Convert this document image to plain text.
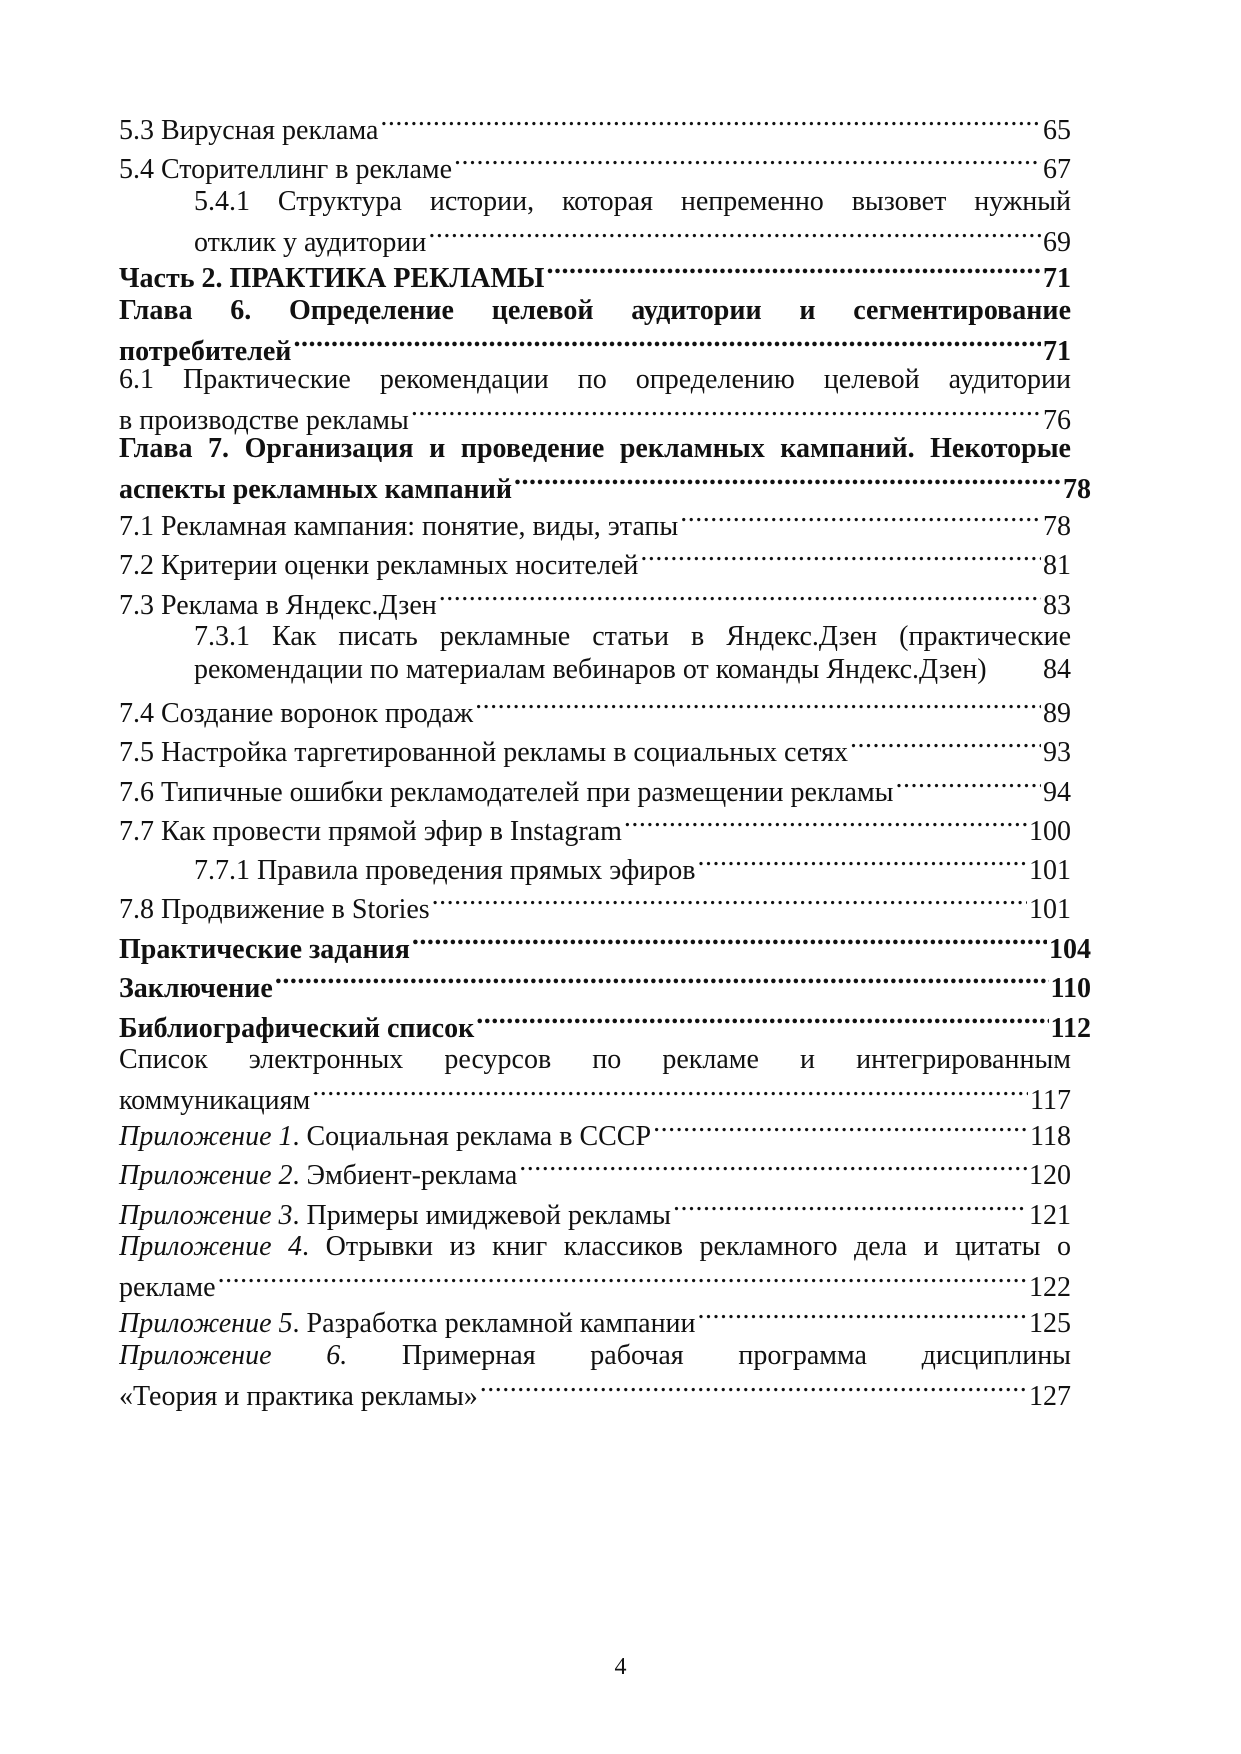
5.3 Вирусная реклама .....	65
5.4 Сторителлинг в рекламе .....	67
5.4.1 Структура истории, которая непременно вызовет нужный
отклик у аудитории .....	69
Часть 2. ПРАКТИКА РЕКЛАМЫ .....	71
Глава 6. Определение целевой аудитории и сегментирование
потребителей .....	71
6.1 Практические рекомендации по определению целевой аудитории
в производстве рекламы .....	76
Глава 7. Организация и проведение рекламных кампаний. Некоторые
аспекты рекламных кампаний .....	78
7.1 Рекламная кампания: понятие, виды, этапы .....	78
7.2 Критерии оценки рекламных носителей .....	81
7.3 Реклама в Яндекс.Дзен .....	83
7.3.1 Как писать рекламные статьи в Яндекс.Дзен (практические
рекомендации по материалам вебинаров от команды Яндекс.Дзен) 84
7.4 Создание воронок продаж .....	89
7.5 Настройка таргетированной рекламы в социальных сетях .....	93
7.6 Типичные ошибки рекламодателей при размещении рекламы .....	94
7.7 Как провести прямой эфир в Instagram .....	100
7.7.1 Правила проведения прямых эфиров .....	101
7.8 Продвижение в Stories .....	101
Практические задания .....	104
Заключение .....	110
Библиографический список .....	112
Список электронных ресурсов по рекламе и интегрированным
коммуникациям .....	117
Приложение 1. Социальная реклама в СССР .....	118
Приложение 2. Эмбиент-реклама .....	120
Приложение 3. Примеры имиджевой рекламы .....	121
Приложение 4. Отрывки из книг классиков рекламного дела и цитаты о
рекламе .....	122
Приложение 5. Разработка рекламной кампании .....	125
Приложение 6. Примерная рабочая программа дисциплины
«Теория и практика рекламы» .....	127
4
